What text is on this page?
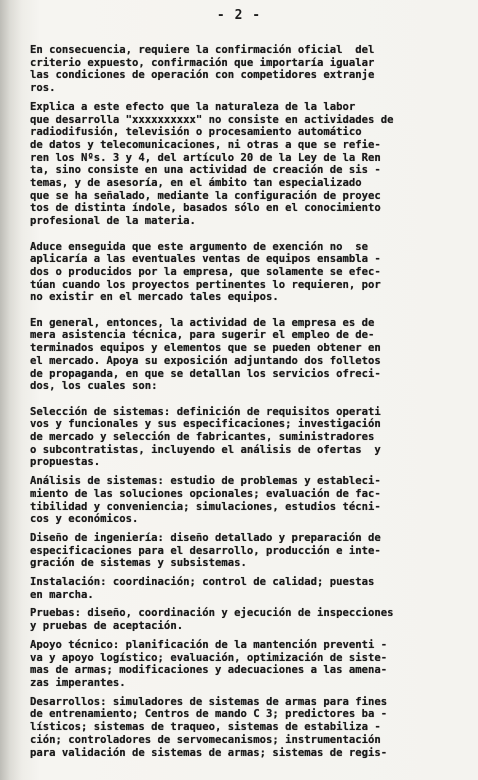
- 2 -
En consecuencia, requiere la confirmación oficial  del
criterio expuesto, confirmación que importaría igualar
las condiciones de operación con competidores extranje
ros.
Explica a este efecto que la naturaleza de la labor
que desarrolla "xxxxxxxxxx" no consiste en actividades de
radiodifusión, televisión o procesamiento automático
de datos y telecomunicaciones, ni otras a que se refie-
ren los Nºs. 3 y 4, del artículo 20 de la Ley de la Ren
ta, sino consiste en una actividad de creación de sis -
temas, y de asesoría, en el ámbito tan especializado
que se ha señalado, mediante la configuración de proyec
tos de distinta índole, basados sólo en el conocimiento
profesional de la materia.
Aduce enseguida que este argumento de exención no  se
aplicaría a las eventuales ventas de equipos ensambla -
dos o producidos por la empresa, que solamente se efec-
túan cuando los proyectos pertinentes lo requieren, por
no existir en el mercado tales equipos.
En general, entonces, la actividad de la empresa es de
mera asistencia técnica, para sugerir el empleo de de-
terminados equipos y elementos que se pueden obtener en
el mercado. Apoya su exposición adjuntando dos folletos
de propaganda, en que se detallan los servicios ofreci-
dos, los cuales son:
Selección de sistemas: definición de requisitos operati
vos y funcionales y sus especificaciones; investigación
de mercado y selección de fabricantes, suministradores
o subcontratistas, incluyendo el análisis de ofertas  y
propuestas.
Análisis de sistemas: estudio de problemas y estableci-
miento de las soluciones opcionales; evaluación de fac-
tibilidad y conveniencia; simulaciones, estudios técni-
cos y económicos.
Diseño de ingeniería: diseño detallado y preparación de
especificaciones para el desarrollo, producción e inte-
gración de sistemas y subsistemas.
Instalación: coordinación; control de calidad; puestas
en marcha.
Pruebas: diseño, coordinación y ejecución de inspecciones
y pruebas de aceptación.
Apoyo técnico: planificación de la mantención preventi -
va y apoyo logístico; evaluación, optimización de siste-
mas de armas; modificaciones y adecuaciones a las amena-
zas imperantes.
Desarrollos: simuladores de sistemas de armas para fines
de entrenamiento; Centros de mando C 3; predictores ba -
lísticos; sistemas de traqueo, sistemas de estabiliza -
ción; controladores de servomecanismos; instrumentación
para validación de sistemas de armas; sistemas de regis-
